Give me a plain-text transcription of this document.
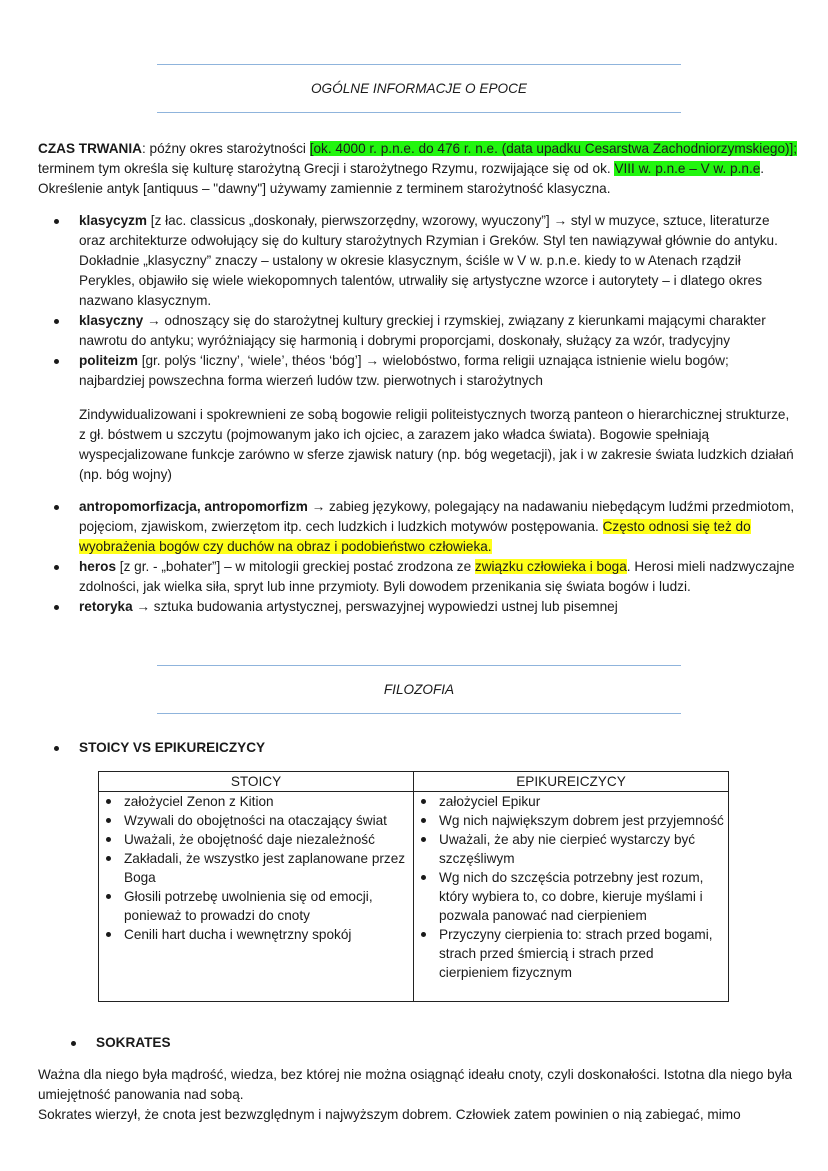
OGÓLNE INFORMACJE O EPOCE
CZAS TRWANIA: późny okres starożytności [ok. 4000 r. p.n.e. do 476 r. n.e. (data upadku Cesarstwa Zachodniorzymskiego)]; terminem tym określa się kulturę starożytną Grecji i starożytnego Rzymu, rozwijające się od ok. VIII w. p.n.e – V w. p.n.e. Określenie antyk [antiquus – "dawny"] używamy zamiennie z terminem starożytność klasyczna.
klasycyzm [z łac. classicus „doskonały, pierwszorzędny, wzorowy, wyuczony”] → styl w muzyce, sztuce, literaturze oraz architekturze odwołujący się do kultury starożytnych Rzymian i Greków. Styl ten nawiązywał głównie do antyku. Dokładnie „klasyczny” znaczy – ustalony w okresie klasycznym, ściśle w V w. p.n.e. kiedy to w Atenach rządził Perykles, objawiło się wiele wiekopomnych talentów, utrwaliły się artystyczne wzorce i autorytety – i dlatego okres nazwano klasycznym.
klasyczny → odnoszący się do starożytnej kultury greckiej i rzymskiej, związany z kierunkami mającymi charakter nawrotu do antyku; wyróżniający się harmonią i dobrymi proporcjami, doskonały, służący za wzór, tradycyjny
politeizm [gr. polýs ‘liczny’, ‘wiele’, théos ‘bóg’] → wielobóstwo, forma religii uznająca istnienie wielu bogów; najbardziej powszechna forma wierzeń ludów tzw. pierwotnych i starożytnych
Zindywidualizowani i spokrewnieni ze sobą bogowie religii politeistycznych tworzą panteon o hierarchicznej strukturze, z gł. bóstwem u szczytu (pojmowanym jako ich ojciec, a zarazem jako władca świata). Bogowie spełniają wyspecjalizowane funkcje zarówno w sferze zjawisk natury (np. bóg wegetacji), jak i w zakresie świata ludzkich działań (np. bóg wojny)
antropomorfizacja, antropomorfizm → zabieg językowy, polegający na nadawaniu niebędącym ludźmi przedmiotom, pojęciom, zjawiskom, zwierzętom itp. cech ludzkich i ludzkich motywów postępowania. Często odnosi się też do wyobrażenia bogów czy duchów na obraz i podobieństwo człowieka.
heros [z gr. - „bohater”] – w mitologii greckiej postać zrodzona ze związku człowieka i boga. Herosi mieli nadzwyczajne zdolności, jak wielka siła, spryt lub inne przymioty. Byli dowodem przenikania się świata bogów i ludzi.
retoryka → sztuka budowania artystycznej, perswazyjnej wypowiedzi ustnej lub pisemnej
FILOZOFIA
STOICY VS EPIKUREICZYCY
STOICY	EPIKUREICZYCY

założyciel Zenon z Kition
Wzywali do obojętności na otaczający świat
Uważali, że obojętność daje niezależność
Zakładali, że wszystko jest zaplanowane przez Boga
Głosili potrzebę uwolnienia się od emocji, ponieważ to prowadzi do cnoty
Cenili hart ducha i wewnętrzny spokój

założyciel Epikur
Wg nich największym dobrem jest przyjemność
Uważali, że aby nie cierpieć wystarczy być szczęśliwym
Wg nich do szczęścia potrzebny jest rozum, który wybiera to, co dobre, kieruje myślami i pozwala panować nad cierpieniem
Przyczyny cierpienia to: strach przed bogami, strach przed śmiercią i strach przed cierpieniem fizycznym
SOKRATES
Ważna dla niego była mądrość, wiedza, bez której nie można osiągnąć ideału cnoty, czyli doskonałości. Istotna dla niego była umiejętność panowania nad sobą.
Sokrates wierzył, że cnota jest bezwzględnym i najwyższym dobrem. Człowiek zatem powinien o nią zabiegać, mimo
